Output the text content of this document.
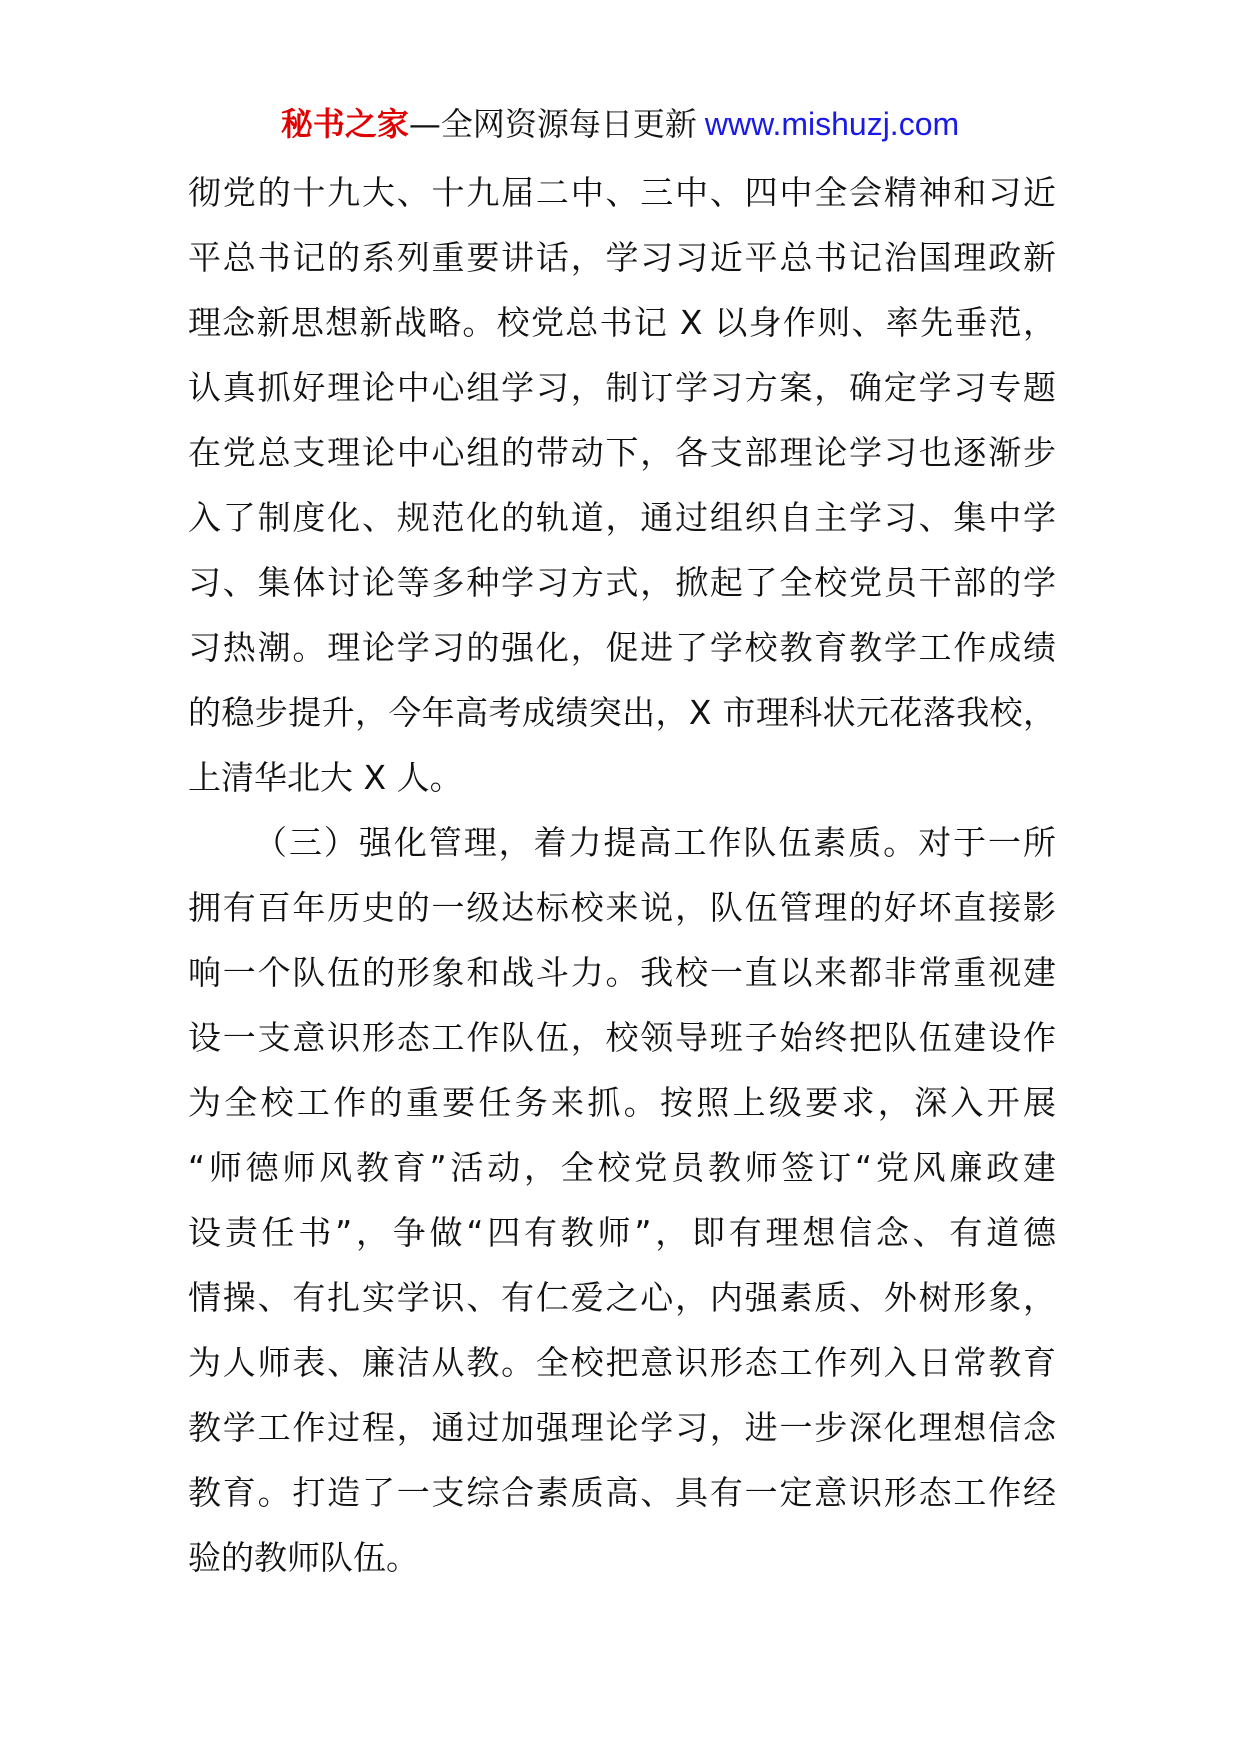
秘书之家—全网资源每日更新 www.mishuzj.com
彻党的十九大、十九届二中、三中、四中全会精神和习近
平总书记的系列重要讲话，学习习近平总书记治国理政新
理念新思想新战略。校党总书记 X 以身作则、率先垂范，
认真抓好理论中心组学习，制订学习方案，确定学习专题
在党总支理论中心组的带动下，各支部理论学习也逐渐步
入了制度化、规范化的轨道，通过组织自主学习、集中学
习、集体讨论等多种学习方式，掀起了全校党员干部的学
习热潮。理论学习的强化，促进了学校教育教学工作成绩
的稳步提升，今年高考成绩突出，X 市理科状元花落我校，
上清华北大 X 人。
（三）强化管理，着力提高工作队伍素质。对于一所
拥有百年历史的一级达标校来说，队伍管理的好坏直接影
响一个队伍的形象和战斗力。我校一直以来都非常重视建
设一支意识形态工作队伍，校领导班子始终把队伍建设作
为全校工作的重要任务来抓。按照上级要求，深入开展
“师德师风教育”活动，全校党员教师签订“党风廉政建
设责任书”，争做“四有教师”，即有理想信念、有道德
情操、有扎实学识、有仁爱之心，内强素质、外树形象，
为人师表、廉洁从教。全校把意识形态工作列入日常教育
教学工作过程，通过加强理论学习，进一步深化理想信念
教育。打造了一支综合素质高、具有一定意识形态工作经
验的教师队伍。
